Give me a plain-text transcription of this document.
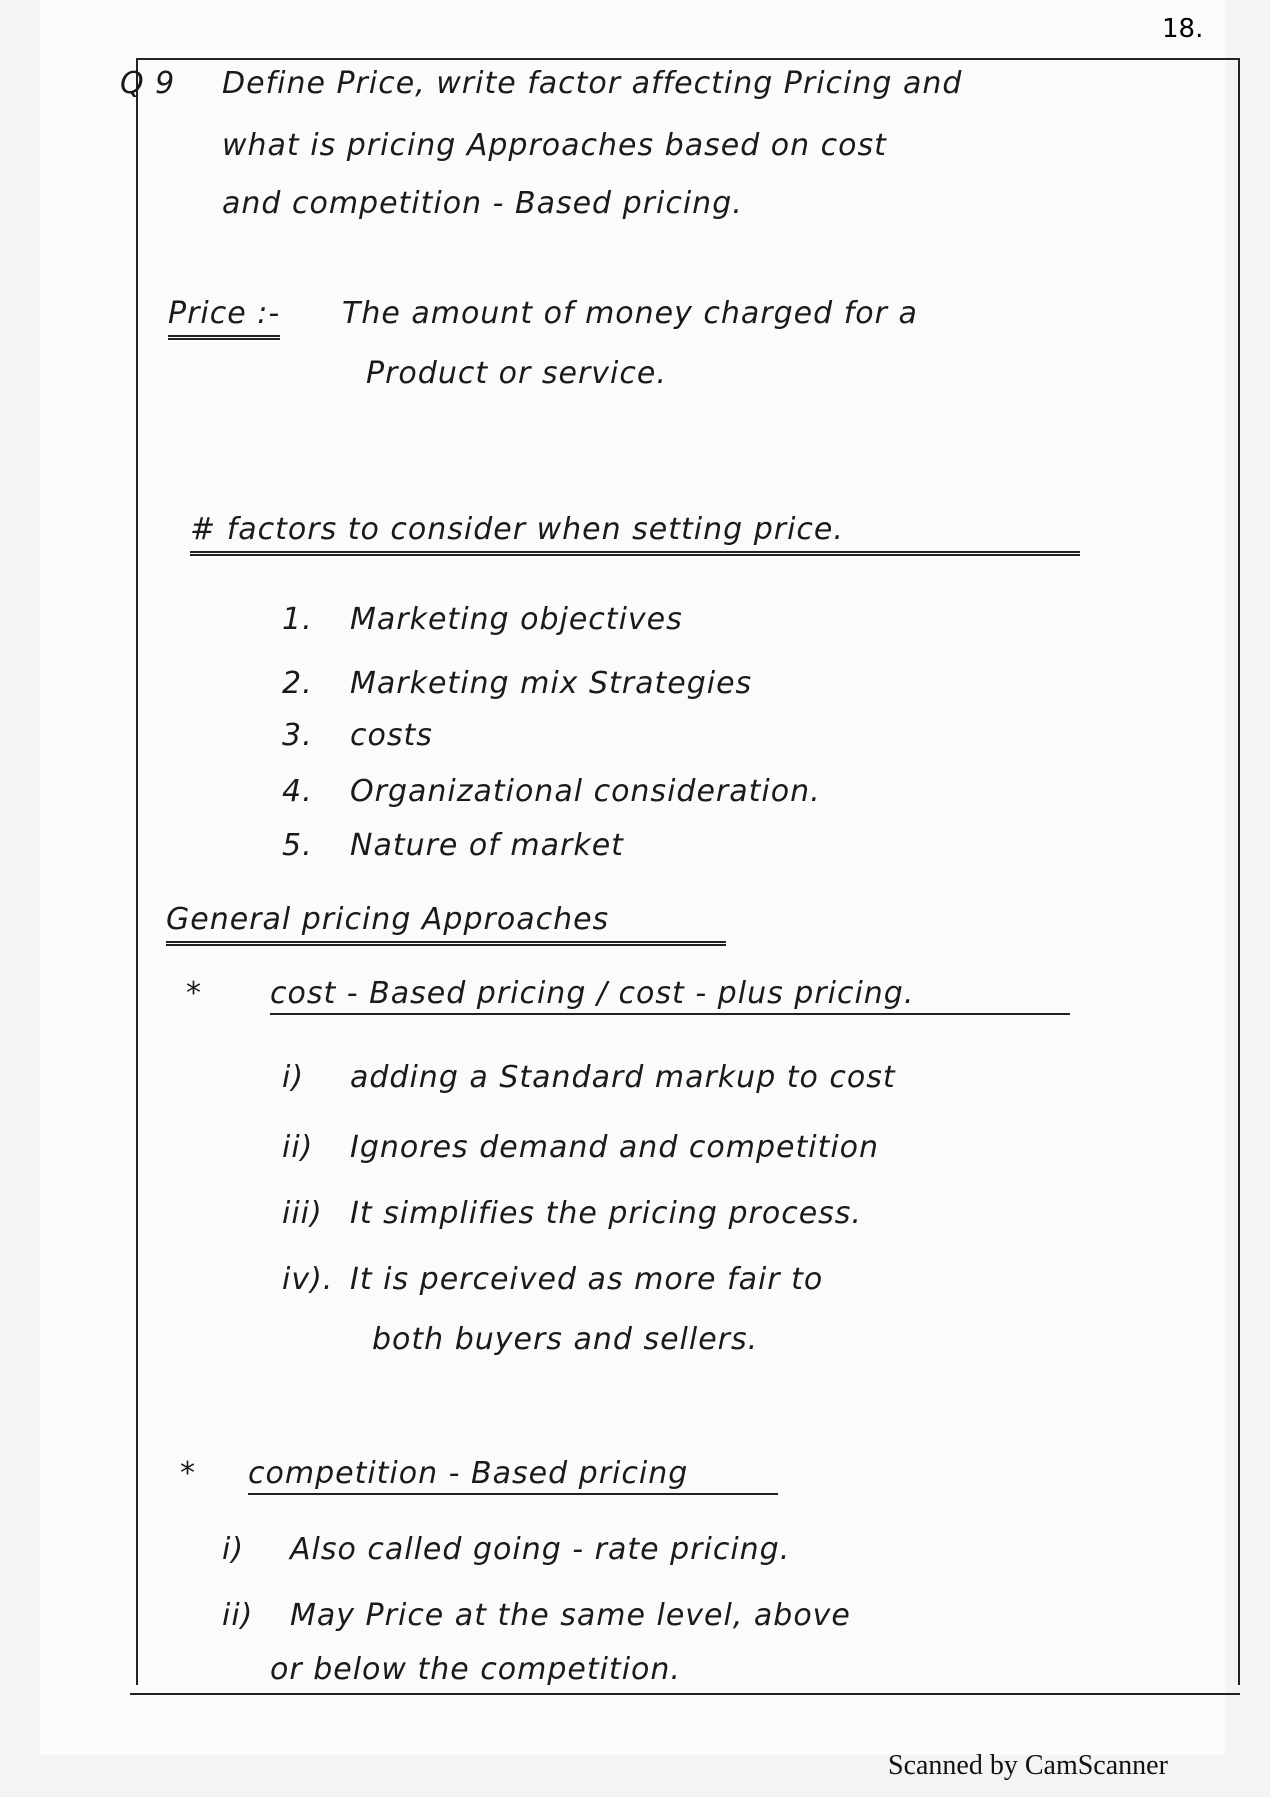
18.
Q 9 Define Price, write factor affecting Pricing and
what is pricing Approaches based on cost
and competition - Based pricing.
Price :- The amount of money charged for a
Product or service.
# factors to consider when setting price.
1.	Marketing objectives
2.	Marketing mix Strategies
3.	costs
4.	Organizational consideration.
5.	Nature of market
General pricing Approaches
* cost - Based pricing / cost - plus pricing.
i)	adding a Standard markup to cost
ii) Ignores demand and competition
iii) It simplifies the pricing process.
iv). It is perceived as more fair to
both buyers and sellers.
* competition - Based pricing
i)	Also called going - rate pricing.
ii) May Price at the same level, above
or below the competition.
Scanned by CamScanner
